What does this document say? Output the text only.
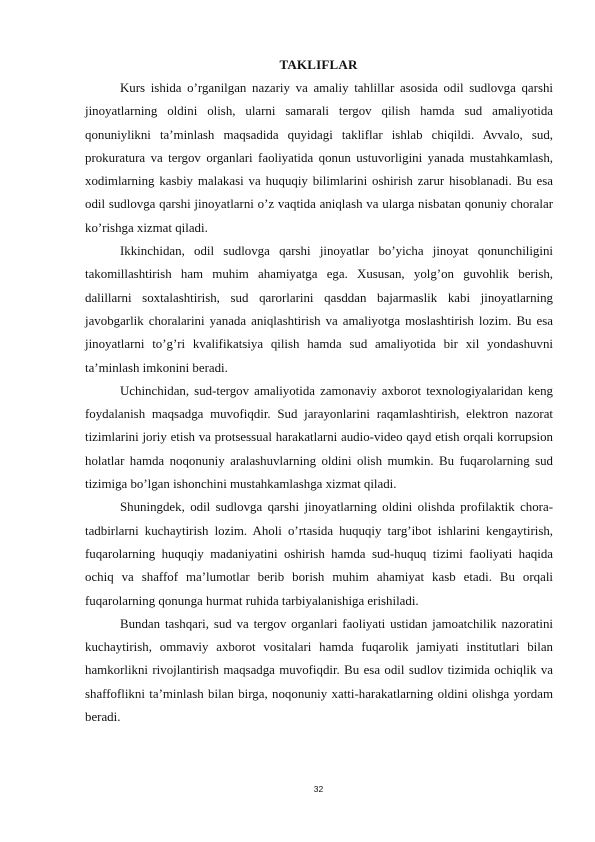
TAKLIFLAR

Kurs ishida o’rganilgan nazariy va amaliy tahlillar asosida odil sudlovga qarshi jinoyatlarning oldini olish, ularni samarali tergov qilish hamda sud amaliyotida qonuniylikni ta’minlash maqsadida quyidagi takliflar ishlab chiqildi. Avvalo, sud, prokuratura va tergov organlari faoliyatida qonun ustuvorligini yanada mustahkamlash, xodimlarning kasbiy malakasi va huquqiy bilimlarini oshirish zarur hisoblanadi. Bu esa odil sudlovga qarshi jinoyatlarni o’z vaqtida aniqlash va ularga nisbatan qonuniy choralar ko’rishga xizmat qiladi.

Ikkinchidan, odil sudlovga qarshi jinoyatlar bo’yicha jinoyat qonunchiligini takomillashtirish ham muhim ahamiyatga ega. Xususan, yolg’on guvohlik berish, dalillarni soxtalashtirish, sud qarorlarini qasddan bajarmaslik kabi jinoyatlarning javobgarlik choralarini yanada aniqlashtirish va amaliyotga moslashtirish lozim. Bu esa jinoyatlarni to’g’ri kvalifikatsiya qilish hamda sud amaliyotida bir xil yondashuvni ta’minlash imkonini beradi.

Uchinchidan, sud-tergov amaliyotida zamonaviy axborot texnologiyalaridan keng foydalanish maqsadga muvofiqdir. Sud jarayonlarini raqamlashtirish, elektron nazorat tizimlarini joriy etish va protsessual harakatlarni audio-video qayd etish orqali korrupsion holatlar hamda noqonuniy aralashuvlarning oldini olish mumkin. Bu fuqarolarning sud tizimiga bo’lgan ishonchini mustahkamlashga xizmat qiladi.

Shuningdek, odil sudlovga qarshi jinoyatlarning oldini olishda profilaktik chora-tadbirlarni kuchaytirish lozim. Aholi o’rtasida huquqiy targ’ibot ishlarini kengaytirish, fuqarolarning huquqiy madaniyatini oshirish hamda sud-huquq tizimi faoliyati haqida ochiq va shaffof ma’lumotlar berib borish muhim ahamiyat kasb etadi. Bu orqali fuqarolarning qonunga hurmat ruhida tarbiyalanishiga erishiladi.

Bundan tashqari, sud va tergov organlari faoliyati ustidan jamoatchilik nazoratini kuchaytirish, ommaviy axborot vositalari hamda fuqarolik jamiyati institutlari bilan hamkorlikni rivojlantirish maqsadga muvofiqdir. Bu esa odil sudlov tizimida ochiqlik va shaffoflikni ta’minlash bilan birga, noqonuniy xatti-harakatlarning oldini olishga yordam beradi.

32
